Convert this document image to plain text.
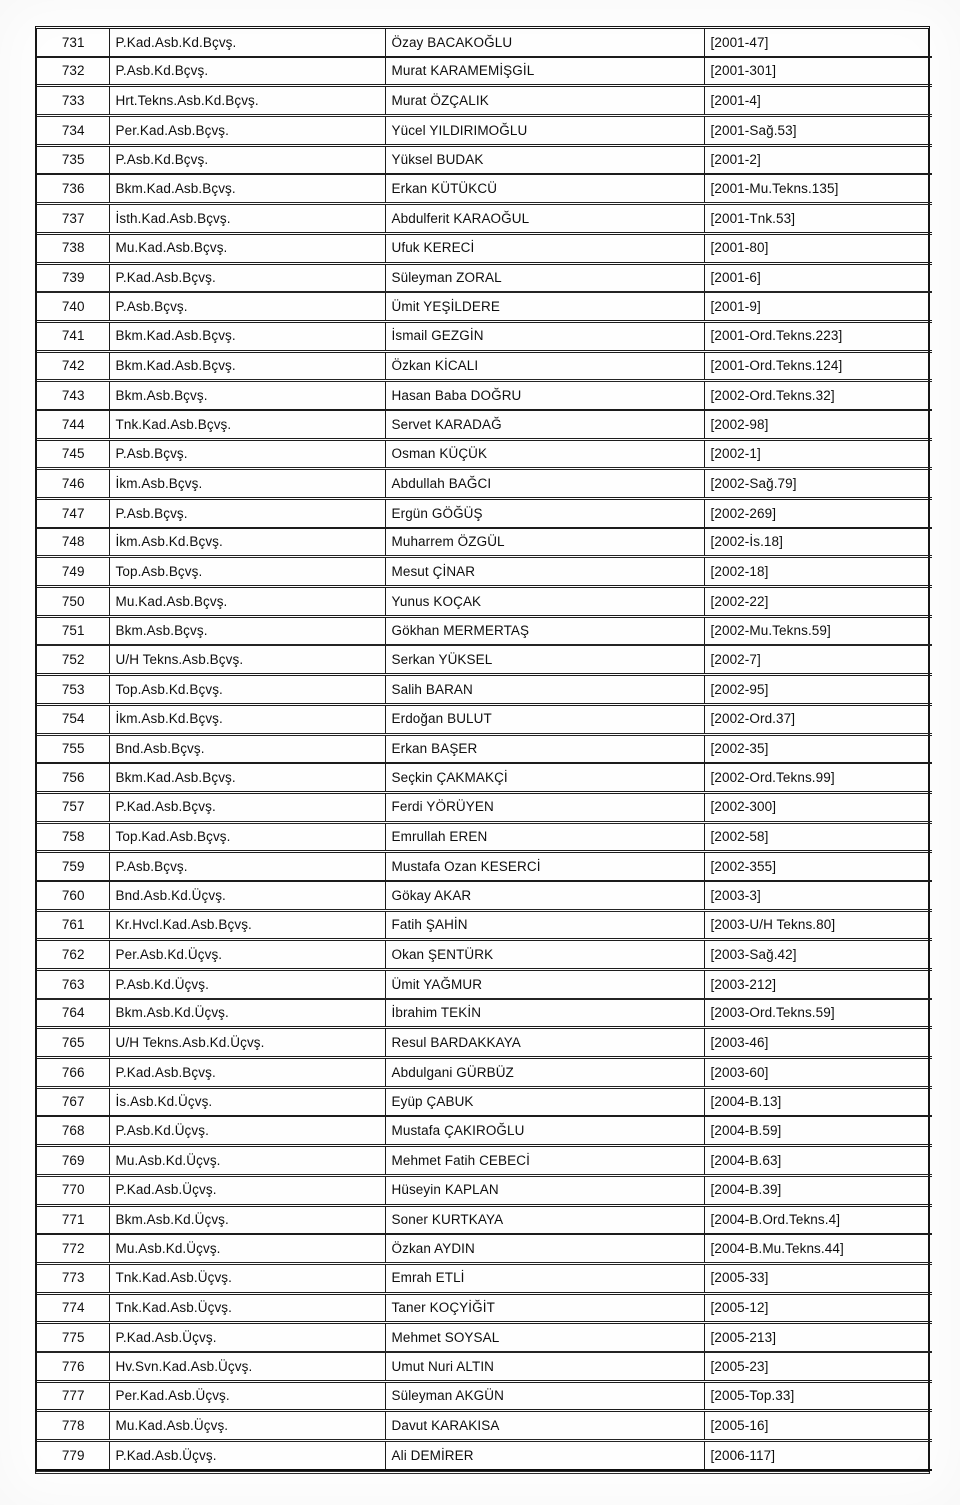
731	P.Kad.Asb.Kd.Bçvş.	Özay BACAKOĞLU	[2001-47]
732	P.Asb.Kd.Bçvş.	Murat KARAMEMİŞGİL	[2001-301]
733	Hrt.Tekns.Asb.Kd.Bçvş.	Murat ÖZÇALIK	[2001-4]
734	Per.Kad.Asb.Bçvş.	Yücel YILDIRIMOĞLU	[2001-Sağ.53]
735	P.Asb.Kd.Bçvş.	Yüksel BUDAK	[2001-2]
736	Bkm.Kad.Asb.Bçvş.	Erkan KÜTÜKCÜ	[2001-Mu.Tekns.135]
737	İsth.Kad.Asb.Bçvş.	Abdulferit KARAOĞUL	[2001-Tnk.53]
738	Mu.Kad.Asb.Bçvş.	Ufuk KERECİ	[2001-80]
739	P.Kad.Asb.Bçvş.	Süleyman ZORAL	[2001-6]
740	P.Asb.Bçvş.	Ümit YEŞİLDERE	[2001-9]
741	Bkm.Kad.Asb.Bçvş.	İsmail GEZGİN	[2001-Ord.Tekns.223]
742	Bkm.Kad.Asb.Bçvş.	Özkan KİCALI	[2001-Ord.Tekns.124]
743	Bkm.Asb.Bçvş.	Hasan Baba DOĞRU	[2002-Ord.Tekns.32]
744	Tnk.Kad.Asb.Bçvş.	Servet KARADAĞ	[2002-98]
745	P.Asb.Bçvş.	Osman KÜÇÜK	[2002-1]
746	İkm.Asb.Bçvş.	Abdullah BAĞCI	[2002-Sağ.79]
747	P.Asb.Bçvş.	Ergün GÖĞÜŞ	[2002-269]
748	İkm.Asb.Kd.Bçvş.	Muharrem ÖZGÜL	[2002-İs.18]
749	Top.Asb.Bçvş.	Mesut ÇİNAR	[2002-18]
750	Mu.Kad.Asb.Bçvş.	Yunus KOÇAK	[2002-22]
751	Bkm.Asb.Bçvş.	Gökhan MERMERTAŞ	[2002-Mu.Tekns.59]
752	U/H Tekns.Asb.Bçvş.	Serkan YÜKSEL	[2002-7]
753	Top.Asb.Kd.Bçvş.	Salih BARAN	[2002-95]
754	İkm.Asb.Kd.Bçvş.	Erdoğan BULUT	[2002-Ord.37]
755	Bnd.Asb.Bçvş.	Erkan BAŞER	[2002-35]
756	Bkm.Kad.Asb.Bçvş.	Seçkin ÇAKMAKÇİ	[2002-Ord.Tekns.99]
757	P.Kad.Asb.Bçvş.	Ferdi YÖRÜYEN	[2002-300]
758	Top.Kad.Asb.Bçvş.	Emrullah EREN	[2002-58]
759	P.Asb.Bçvş.	Mustafa Ozan KESERCİ	[2002-355]
760	Bnd.Asb.Kd.Üçvş.	Gökay AKAR	[2003-3]
761	Kr.Hvcl.Kad.Asb.Bçvş.	Fatih ŞAHİN	[2003-U/H Tekns.80]
762	Per.Asb.Kd.Üçvş.	Okan ŞENTÜRK	[2003-Sağ.42]
763	P.Asb.Kd.Üçvş.	Ümit YAĞMUR	[2003-212]
764	Bkm.Asb.Kd.Üçvş.	İbrahim TEKİN	[2003-Ord.Tekns.59]
765	U/H Tekns.Asb.Kd.Üçvş.	Resul BARDAKKAYA	[2003-46]
766	P.Kad.Asb.Bçvş.	Abdulgani GÜRBÜZ	[2003-60]
767	İs.Asb.Kd.Üçvş.	Eyüp ÇABUK	[2004-B.13]
768	P.Asb.Kd.Üçvş.	Mustafa ÇAKIROĞLU	[2004-B.59]
769	Mu.Asb.Kd.Üçvş.	Mehmet Fatih CEBECİ	[2004-B.63]
770	P.Kad.Asb.Üçvş.	Hüseyin KAPLAN	[2004-B.39]
771	Bkm.Asb.Kd.Üçvş.	Soner KURTKAYA	[2004-B.Ord.Tekns.4]
772	Mu.Asb.Kd.Üçvş.	Özkan AYDIN	[2004-B.Mu.Tekns.44]
773	Tnk.Kad.Asb.Üçvş.	Emrah ETLİ	[2005-33]
774	Tnk.Kad.Asb.Üçvş.	Taner KOÇYİĞİT	[2005-12]
775	P.Kad.Asb.Üçvş.	Mehmet SOYSAL	[2005-213]
776	Hv.Svn.Kad.Asb.Üçvş.	Umut Nuri ALTIN	[2005-23]
777	Per.Kad.Asb.Üçvş.	Süleyman AKGÜN	[2005-Top.33]
778	Mu.Kad.Asb.Üçvş.	Davut KARAKISA	[2005-16]
779	P.Kad.Asb.Üçvş.	Ali DEMİRER	[2006-117]
